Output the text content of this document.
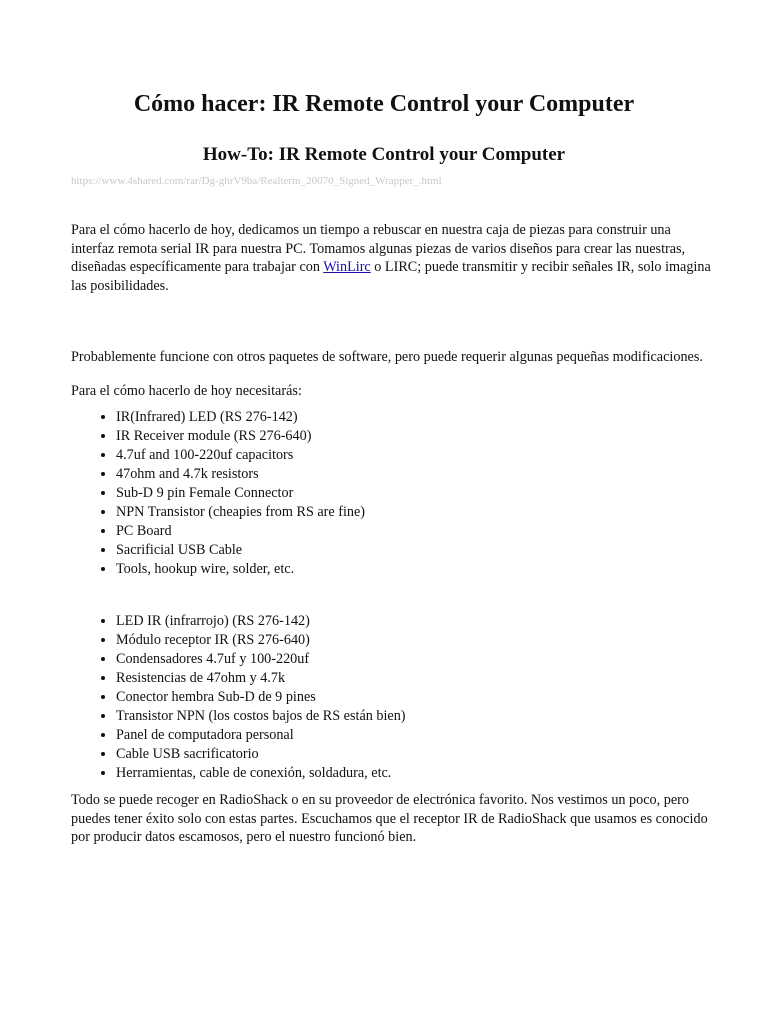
Cómo hacer: IR Remote Control your Computer
How-To: IR Remote Control your Computer
https://www.4shared.com/rar/Dg-ghrV9ba/Realterm_20070_Signed_Wrapper_.html

Para el cómo hacerlo de hoy, dedicamos un tiempo a rebuscar en nuestra caja de piezas para construir una interfaz remota serial IR para nuestra PC. Tomamos algunas piezas de varios diseños para crear las nuestras, diseñadas específicamente para trabajar con WinLirc o LIRC; puede transmitir y recibir señales IR, solo imagina las posibilidades.

Probablemente funcione con otros paquetes de software, pero puede requerir algunas pequeñas modificaciones.

Para el cómo hacerlo de hoy necesitarás:

• IR(Infrared) LED (RS 276-142)
• IR Receiver module (RS 276-640)
• 4.7uf and 100-220uf capacitors
• 47ohm and 4.7k resistors
• Sub-D 9 pin Female Connector
• NPN Transistor (cheapies from RS are fine)
• PC Board
• Sacrificial USB Cable
• Tools, hookup wire, solder, etc.
• LED IR (infrarrojo) (RS 276-142)
• Módulo receptor IR (RS 276-640)
• Condensadores 4.7uf y 100-220uf
• Resistencias de 47ohm y 4.7k
• Conector hembra Sub-D de 9 pines
• Transistor NPN (los costos bajos de RS están bien)
• Panel de computadora personal
• Cable USB sacrificatorio
• Herramientas, cable de conexión, soldadura, etc.

Todo se puede recoger en RadioShack o en su proveedor de electrónica favorito. Nos vestimos un poco, pero puedes tener éxito solo con estas partes. Escuchamos que el receptor IR de RadioShack que usamos es conocido por producir datos escamosos, pero el nuestro funcionó bien.
